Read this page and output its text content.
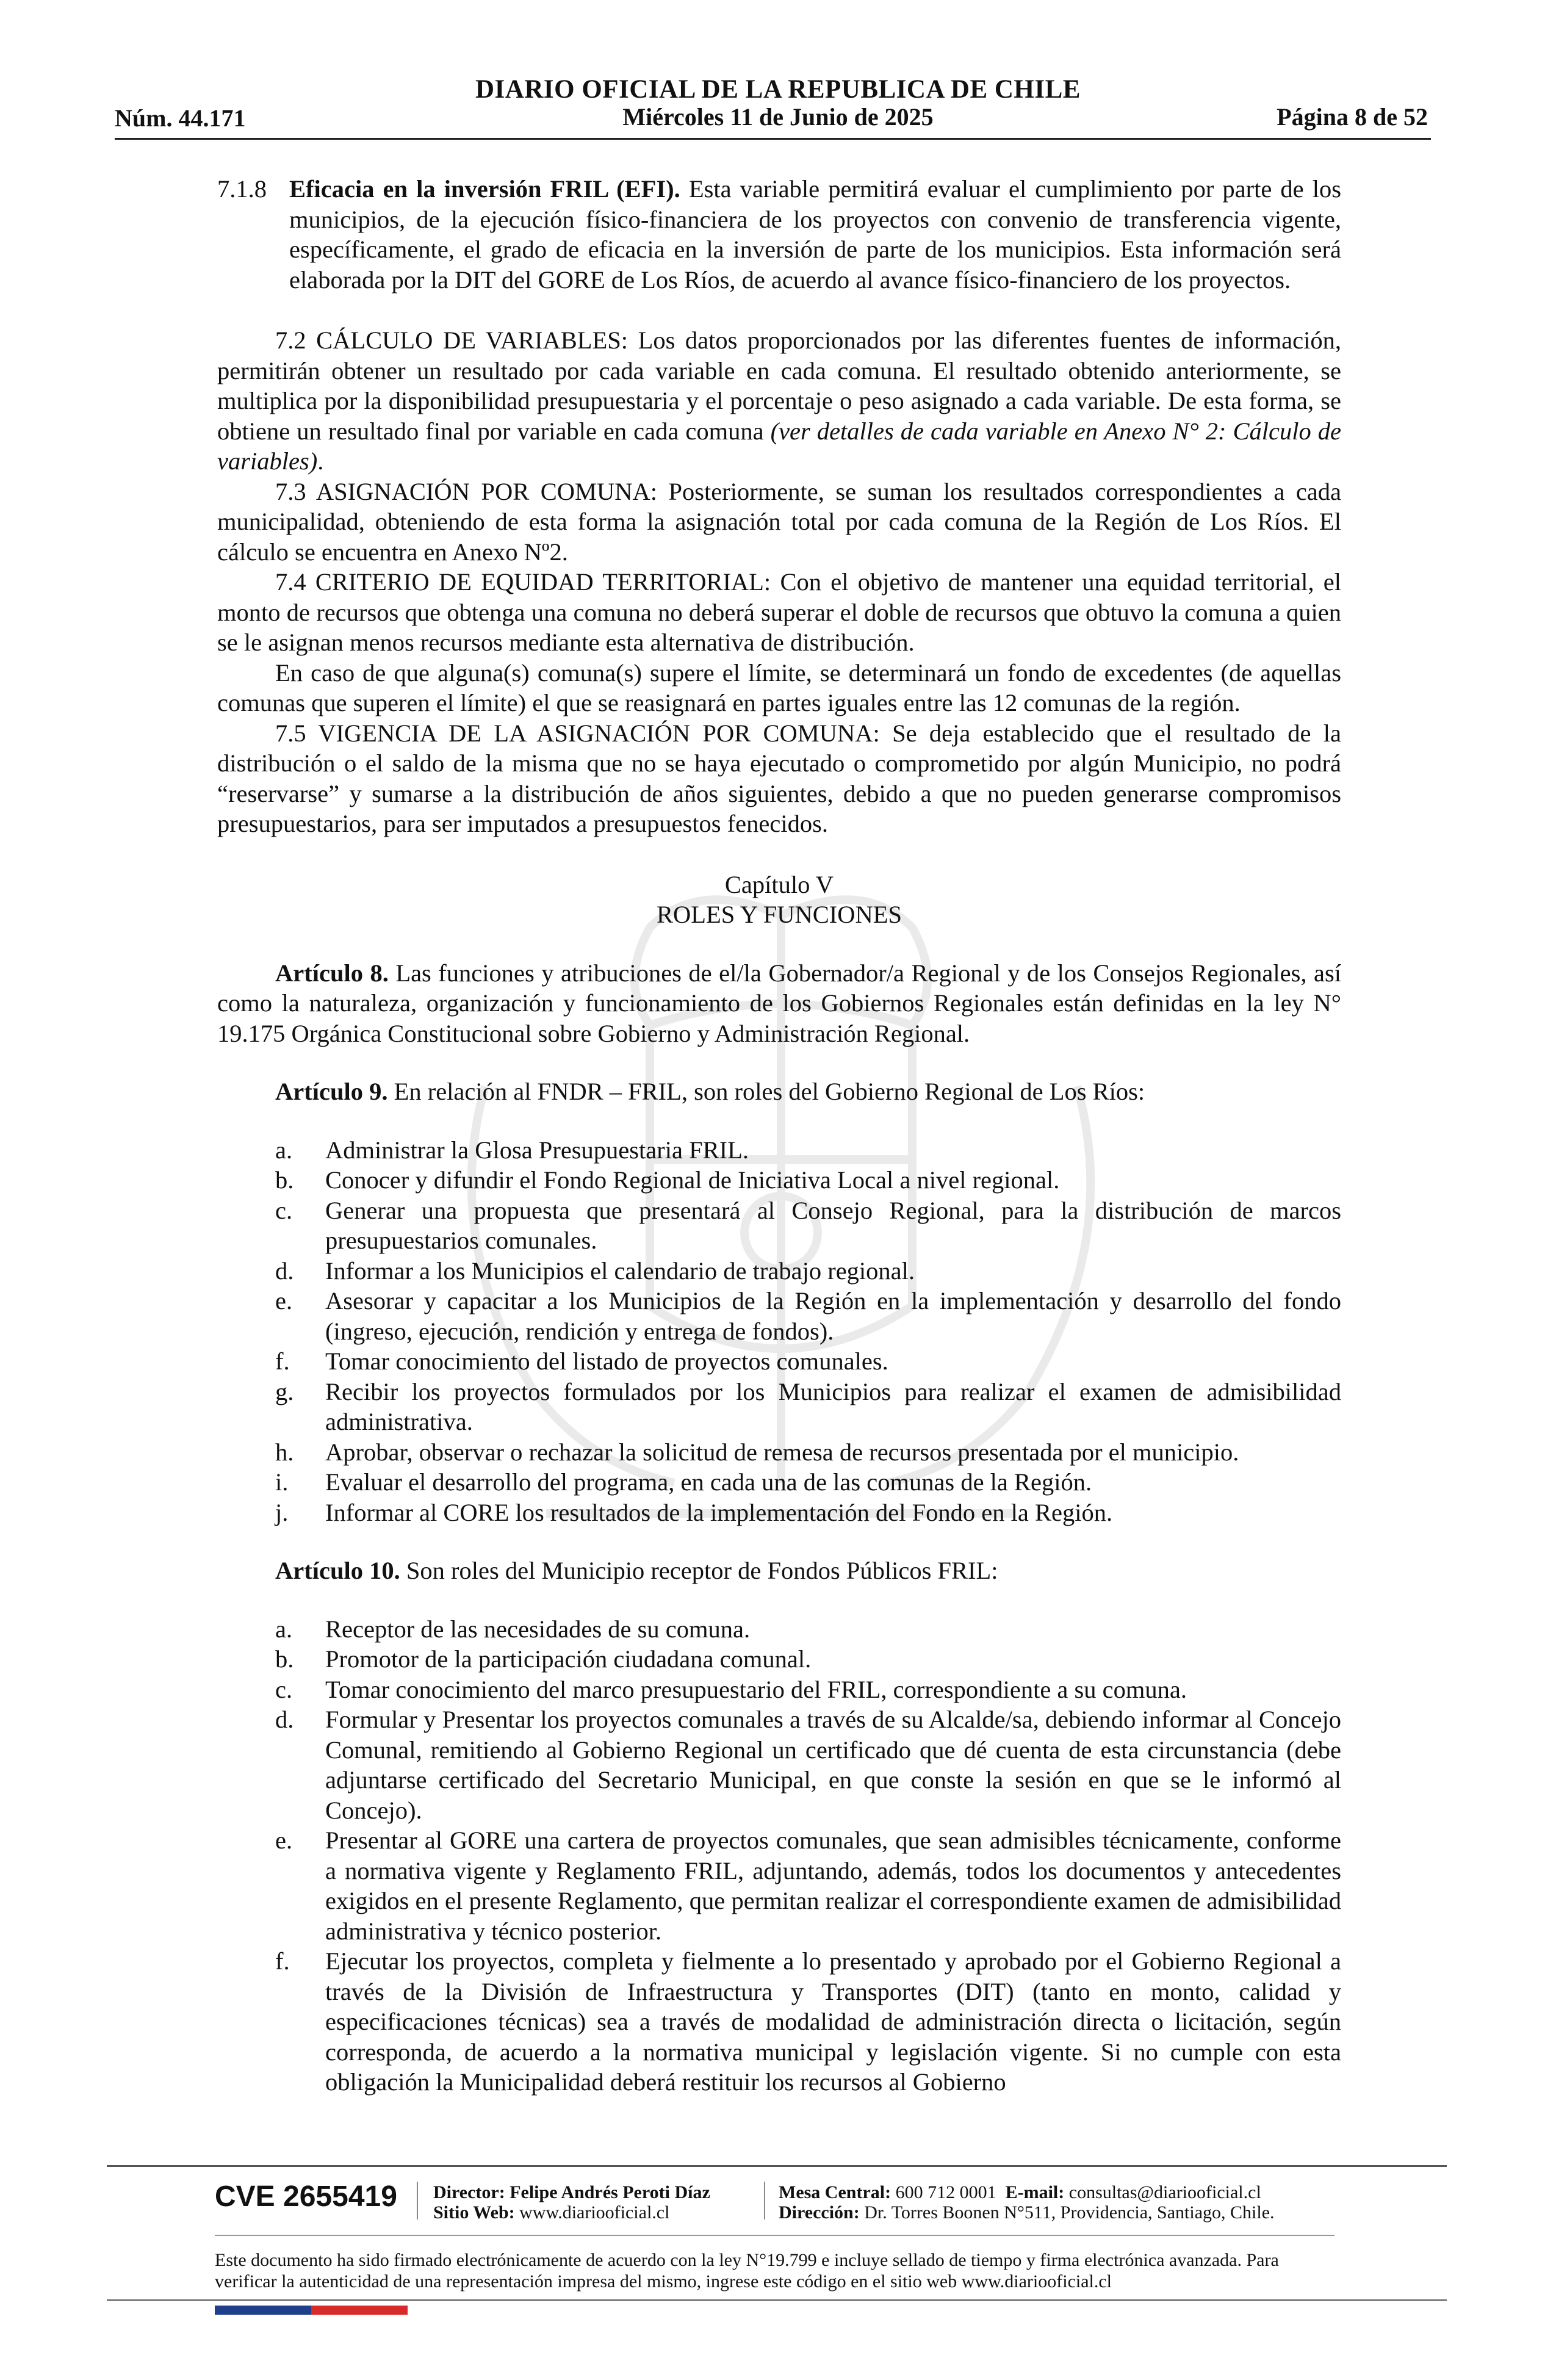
DIARIO OFICIAL DE LA REPUBLICA DE CHILE
Núm. 44.171	Miércoles 11 de Junio de 2025	Página 8 de 52
7.1.8 Eficacia en la inversión FRIL (EFI). Esta variable permitirá evaluar el cumplimiento por parte de los municipios, de la ejecución físico-financiera de los proyectos con convenio de transferencia vigente, específicamente, el grado de eficacia en la inversión de parte de los municipios. Esta información será elaborada por la DIT del GORE de Los Ríos, de acuerdo al avance físico-financiero de los proyectos.

7.2 CÁLCULO DE VARIABLES: Los datos proporcionados por las diferentes fuentes de información, permitirán obtener un resultado por cada variable en cada comuna. El resultado obtenido anteriormente, se multiplica por la disponibilidad presupuestaria y el porcentaje o peso asignado a cada variable. De esta forma, se obtiene un resultado final por variable en cada comuna (ver detalles de cada variable en Anexo N° 2: Cálculo de variables).

7.3 ASIGNACIÓN POR COMUNA: Posteriormente, se suman los resultados correspondientes a cada municipalidad, obteniendo de esta forma la asignación total por cada comuna de la Región de Los Ríos. El cálculo se encuentra en Anexo Nº2.

7.4 CRITERIO DE EQUIDAD TERRITORIAL: Con el objetivo de mantener una equidad territorial, el monto de recursos que obtenga una comuna no deberá superar el doble de recursos que obtuvo la comuna a quien se le asignan menos recursos mediante esta alternativa de distribución.

En caso de que alguna(s) comuna(s) supere el límite, se determinará un fondo de excedentes (de aquellas comunas que superen el límite) el que se reasignará en partes iguales entre las 12 comunas de la región.

7.5 VIGENCIA DE LA ASIGNACIÓN POR COMUNA: Se deja establecido que el resultado de la distribución o el saldo de la misma que no se haya ejecutado o comprometido por algún Municipio, no podrá “reservarse” y sumarse a la distribución de años siguientes, debido a que no pueden generarse compromisos presupuestarios, para ser imputados a presupuestos fenecidos.

Capítulo V

ROLES Y FUNCIONES

Artículo 8. Las funciones y atribuciones de el/la Gobernador/a Regional y de los Consejos Regionales, así como la naturaleza, organización y funcionamiento de los Gobiernos Regionales están definidas en la ley N° 19.175 Orgánica Constitucional sobre Gobierno y Administración Regional.

Artículo 9. En relación al FNDR – FRIL, son roles del Gobierno Regional de Los Ríos:

a.	Administrar la Glosa Presupuestaria FRIL.
b.	Conocer y difundir el Fondo Regional de Iniciativa Local a nivel regional.
c.	Generar una propuesta que presentará al Consejo Regional, para la distribución de marcos presupuestarios comunales.
d.	Informar a los Municipios el calendario de trabajo regional.
e.	Asesorar y capacitar a los Municipios de la Región en la implementación y desarrollo del fondo (ingreso, ejecución, rendición y entrega de fondos).
f.	Tomar conocimiento del listado de proyectos comunales.
g.	Recibir los proyectos formulados por los Municipios para realizar el examen de admisibilidad administrativa.
h.	Aprobar, observar o rechazar la solicitud de remesa de recursos presentada por el municipio.
i.	Evaluar el desarrollo del programa, en cada una de las comunas de la Región.
j.	Informar al CORE los resultados de la implementación del Fondo en la Región.

Artículo 10. Son roles del Municipio receptor de Fondos Públicos FRIL:

a.	Receptor de las necesidades de su comuna.
b.	Promotor de la participación ciudadana comunal.
c.	Tomar conocimiento del marco presupuestario del FRIL, correspondiente a su comuna.
d.	Formular y Presentar los proyectos comunales a través de su Alcalde/sa, debiendo informar al Concejo Comunal, remitiendo al Gobierno Regional un certificado que dé cuenta de esta circunstancia (debe adjuntarse certificado del Secretario Municipal, en que conste la sesión en que se le informó al Concejo).
e.	Presentar al GORE una cartera de proyectos comunales, que sean admisibles técnicamente, conforme a normativa vigente y Reglamento FRIL, adjuntando, además, todos los documentos y antecedentes exigidos en el presente Reglamento, que permitan realizar el correspondiente examen de admisibilidad administrativa y técnico posterior.
f.	Ejecutar los proyectos, completa y fielmente a lo presentado y aprobado por el Gobierno Regional a través de la División de Infraestructura y Transportes (DIT) (tanto en monto, calidad y especificaciones técnicas) sea a través de modalidad de administración directa o licitación, según corresponda, de acuerdo a la normativa municipal y legislación vigente. Si no cumple con esta obligación la Municipalidad deberá restituir los recursos al Gobierno
CVE 2655419 Director: Felipe Andrés Peroti Díaz
Sitio Web: www.diariooficial.cl
Mesa Central: 600 712 0001 E-mail: consultas@diariooficial.cl
Dirección: Dr. Torres Boonen N°511, Providencia, Santiago, Chile.
Este documento ha sido firmado electrónicamente de acuerdo con la ley N°19.799 e incluye sellado de tiempo y firma electrónica avanzada. Para verificar la autenticidad de una representación impresa del mismo, ingrese este código en el sitio web www.diariooficial.cl
